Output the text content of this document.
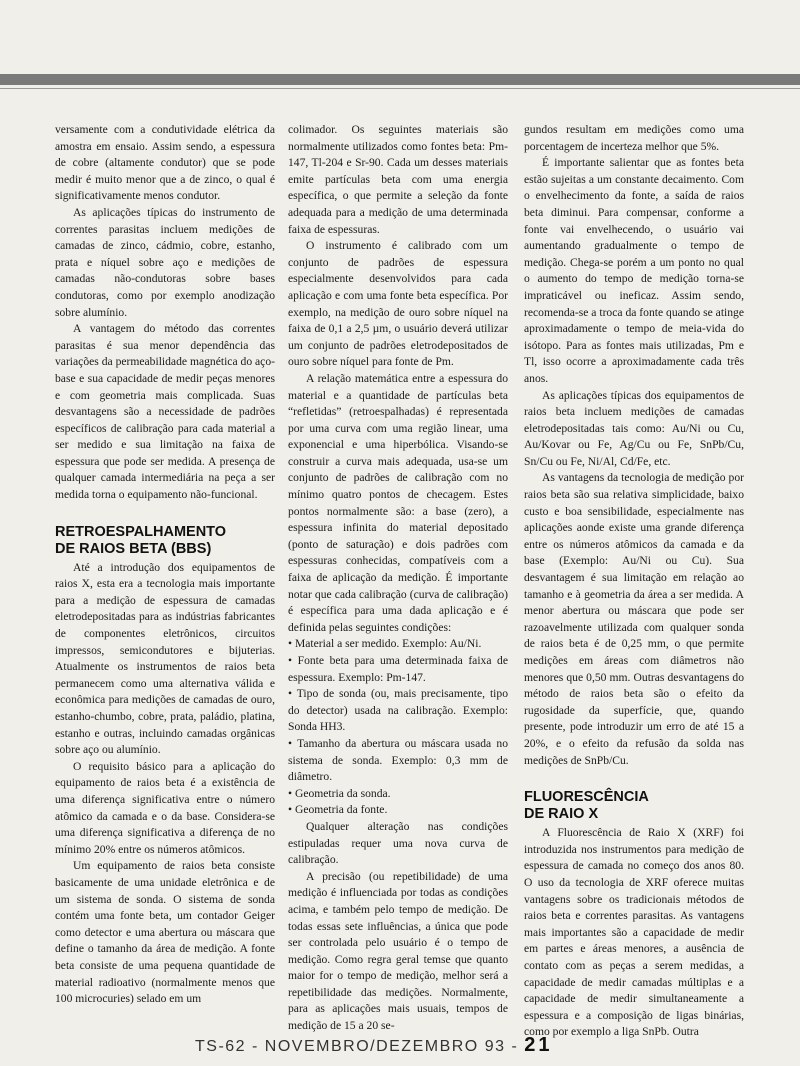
versamente com a condutividade elétrica da amostra em ensaio. Assim sendo, a espessura de cobre (altamente condutor) que se pode medir é muito menor que a de zinco, o qual é significativamente menos condutor.

As aplicações típicas do instrumento de correntes parasitas incluem medições de camadas de zinco, cádmio, cobre, estanho, prata e níquel sobre aço e medições de camadas não-condutoras sobre bases condutoras, como por exemplo anodização sobre alumínio.

A vantagem do método das correntes parasitas é sua menor dependência das variações da permeabilidade magnética do aço-base e sua capacidade de medir peças menores e com geometria mais complicada. Suas desvantagens são a necessidade de padrões específicos de calibração para cada material a ser medido e sua limitação na faixa de espessura que pode ser medida. A presença de qualquer camada intermediária na peça a ser medida torna o equipamento não-funcional.

RETROESPALHAMENTO
DE RAIOS BETA (BBS)

Até a introdução dos equipamentos de raios X, esta era a tecnologia mais importante para a medição de espessura de camadas eletrodepositadas para as indústrias fabricantes de componentes eletrônicos, circuitos impressos, semicondutores e bijuterias. Atualmente os instrumentos de raios beta permanecem como uma alternativa válida e econômica para medições de camadas de ouro, estanho-chumbo, cobre, prata, paládio, platina, estanho e outras, incluindo camadas orgânicas sobre aço ou alumínio.

O requisito básico para a aplicação do equipamento de raios beta é a existência de uma diferença significativa entre o número atômico da camada e o da base. Considera-se uma diferença significativa a diferença de no mínimo 20% entre os números atômicos.

Um equipamento de raios beta consiste basicamente de uma unidade eletrônica e de um sistema de sonda. O sistema de sonda contém uma fonte beta, um contador Geiger como detector e uma abertura ou máscara que define o tamanho da área de medição. A fonte beta consiste de uma pequena quantidade de material radioativo (normalmente menos que 100 microcuries) selado em um

colimador. Os seguintes materiais são normalmente utilizados como fontes beta: Pm-147, Tl-204 e Sr-90. Cada um desses materiais emite partículas beta com uma energia específica, o que permite a seleção da fonte adequada para a medição de uma determinada faixa de espessuras.

O instrumento é calibrado com um conjunto de padrões de espessura especialmente desenvolvidos para cada aplicação e com uma fonte beta específica. Por exemplo, na medição de ouro sobre níquel na faixa de 0,1 a 2,5 µm, o usuário deverá utilizar um conjunto de padrões eletrodepositados de ouro sobre níquel para fonte de Pm.

A relação matemática entre a espessura do material e a quantidade de partículas beta “refletidas” (retroespalhadas) é representada por uma curva com uma região linear, uma exponencial e uma hiperbólica. Visando-se construir a curva mais adequada, usa-se um conjunto de padrões de calibração com no mínimo quatro pontos de checagem. Estes pontos normalmente são: a base (zero), a espessura infinita do material depositado (ponto de saturação) e dois padrões com espessuras conhecidas, compatíveis com a faixa de aplicação da medição. É importante notar que cada calibração (curva de calibração) é específica para uma dada aplicação e é definida pelas seguintes condições:

• Material a ser medido. Exemplo: Au/Ni.

• Fonte beta para uma determinada faixa de espessura. Exemplo: Pm-147.

• Tipo de sonda (ou, mais precisamente, tipo do detector) usada na calibração. Exemplo: Sonda HH3.

• Tamanho da abertura ou máscara usada no sistema de sonda. Exemplo: 0,3 mm de diâmetro.

• Geometria da sonda.

• Geometria da fonte.

Qualquer alteração nas condições estipuladas requer uma nova curva de calibração.

A precisão (ou repetibilidade) de uma medição é influenciada por todas as condições acima, e também pelo tempo de medição. De todas essas sete influências, a única que pode ser controlada pelo usuário é o tempo de medição. Como regra geral temse que quanto maior for o tempo de medição, melhor será a repetibilidade das medições. Normalmente, para as aplicações mais usuais, tempos de medição de 15 a 20 se-

gundos resultam em medições como uma porcentagem de incerteza melhor que 5%.

É importante salientar que as fontes beta estão sujeitas a um constante decaimento. Com o envelhecimento da fonte, a saída de raios beta diminui. Para compensar, conforme a fonte vai envelhecendo, o usuário vai aumentando gradualmente o tempo de medição. Chega-se porém a um ponto no qual o aumento do tempo de medição torna-se impraticável ou ineficaz. Assim sendo, recomenda-se a troca da fonte quando se atinge aproximadamente o tempo de meia-vida do isótopo. Para as fontes mais utilizadas, Pm e Tl, isso ocorre a aproximadamente cada três anos.

As aplicações típicas dos equipamentos de raios beta incluem medições de camadas eletrodepositadas tais como: Au/Ni ou Cu, Au/Kovar ou Fe, Ag/Cu ou Fe, SnPb/Cu, Sn/Cu ou Fe, Ni/Al, Cd/Fe, etc.

As vantagens da tecnologia de medição por raios beta são sua relativa simplicidade, baixo custo e boa sensibilidade, especialmente nas aplicações aonde existe uma grande diferença entre os números atômicos da camada e da base (Exemplo: Au/Ni ou Cu). Sua desvantagem é sua limitação em relação ao tamanho e à geometria da área a ser medida. A menor abertura ou máscara que pode ser razoavelmente utilizada com qualquer sonda de raios beta é de 0,25 mm, o que permite medições em áreas com diâmetros não menores que 0,50 mm. Outras desvantagens do método de raios beta são o efeito da rugosidade da superfície, que, quando presente, pode introduzir um erro de até 15 a 20%, e o efeito da refusão da solda nas medições de SnPb/Cu.

FLUORESCÊNCIA
DE RAIO X

A Fluorescência de Raio X (XRF) foi introduzida nos instrumentos para medição de espessura de camada no começo dos anos 80. O uso da tecnologia de XRF oferece muitas vantagens sobre os tradicionais métodos de raios beta e correntes parasitas. As vantagens mais importantes são a capacidade de medir em partes e áreas menores, a ausência de contato com as peças a serem medidas, a capacidade de medir camadas múltiplas e a capacidade de medir simultaneamente a espessura e a composição de ligas binárias, como por exemplo a liga SnPb. Outra

TS-62 - NOVEMBRO/DEZEMBRO 93 - 21
